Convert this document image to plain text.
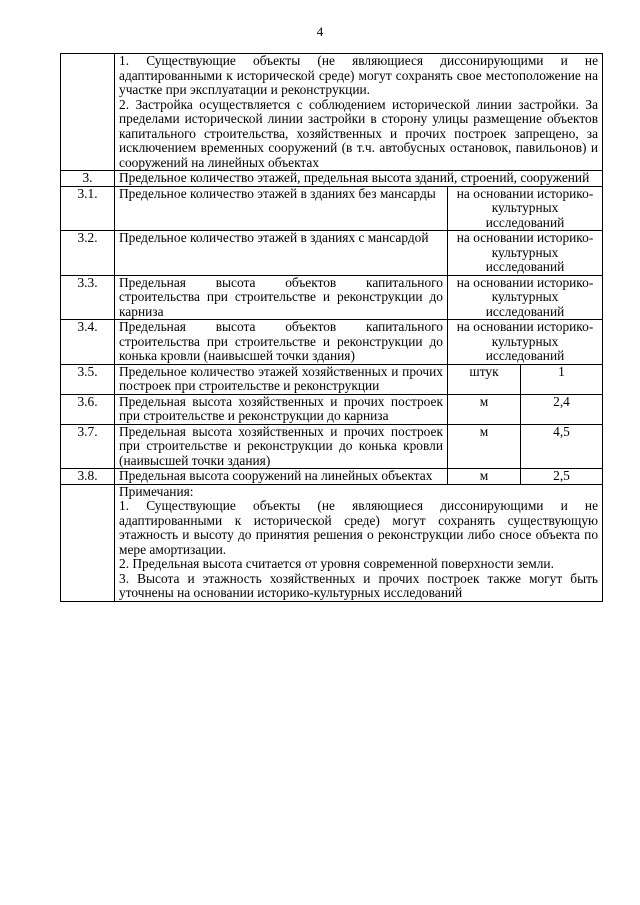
4

	1. Существующие объекты (не являющиеся диссонирующими и не адаптированными к исторической среде) могут сохранять свое местоположение на участке при эксплуатации и реконструкции.
2. Застройка осуществляется с соблюдением исторической линии застройки. За пределами исторической линии застройки в сторону улицы размещение объектов капитального строительства, хозяйственных и прочих построек запрещено, за исключением временных сооружений (в т.ч. автобусных остановок, павильонов) и сооружений на линейных объектах		

3.	Предельное количество этажей, предельная высота зданий, строений, сооружений		
3.1.	Предельное количество этажей в зданиях без мансарды	на основании историко-культурных исследований	
3.2.	Предельное количество этажей в зданиях с мансардой	на основании историко-культурных исследований	
3.3.	Предельная высота объектов капитального строительства при строительстве и реконструкции до карниза	на основании историко-культурных исследований	
3.4.	Предельная высота объектов капитального строительства при строительстве и реконструкции до конька кровли (наивысшей точки здания)	на основании историко-культурных исследований	
3.5.	Предельное количество этажей хозяйственных и прочих построек при строительстве и реконструкции	штук	1
3.6.	Предельная высота хозяйственных и прочих построек при строительстве и реконструкции до карниза	м	2,4
3.7.	Предельная высота хозяйственных и прочих построек при строительстве и реконструкции до конька кровли (наивысшей точки здания)	м	4,5
3.8.	Предельная высота сооружений на линейных объектах	м	2,5

	Примечания:
1. Существующие объекты (не являющиеся диссонирующими и не адаптированными к исторической среде) могут сохранять существующую этажность и высоту до принятия решения о реконструкции либо сносе объекта по мере амортизации.
2. Предельная высота считается от уровня современной поверхности земли.
3. Высота и этажность хозяйственных и прочих построек также могут быть уточнены на основании историко-культурных исследований		
